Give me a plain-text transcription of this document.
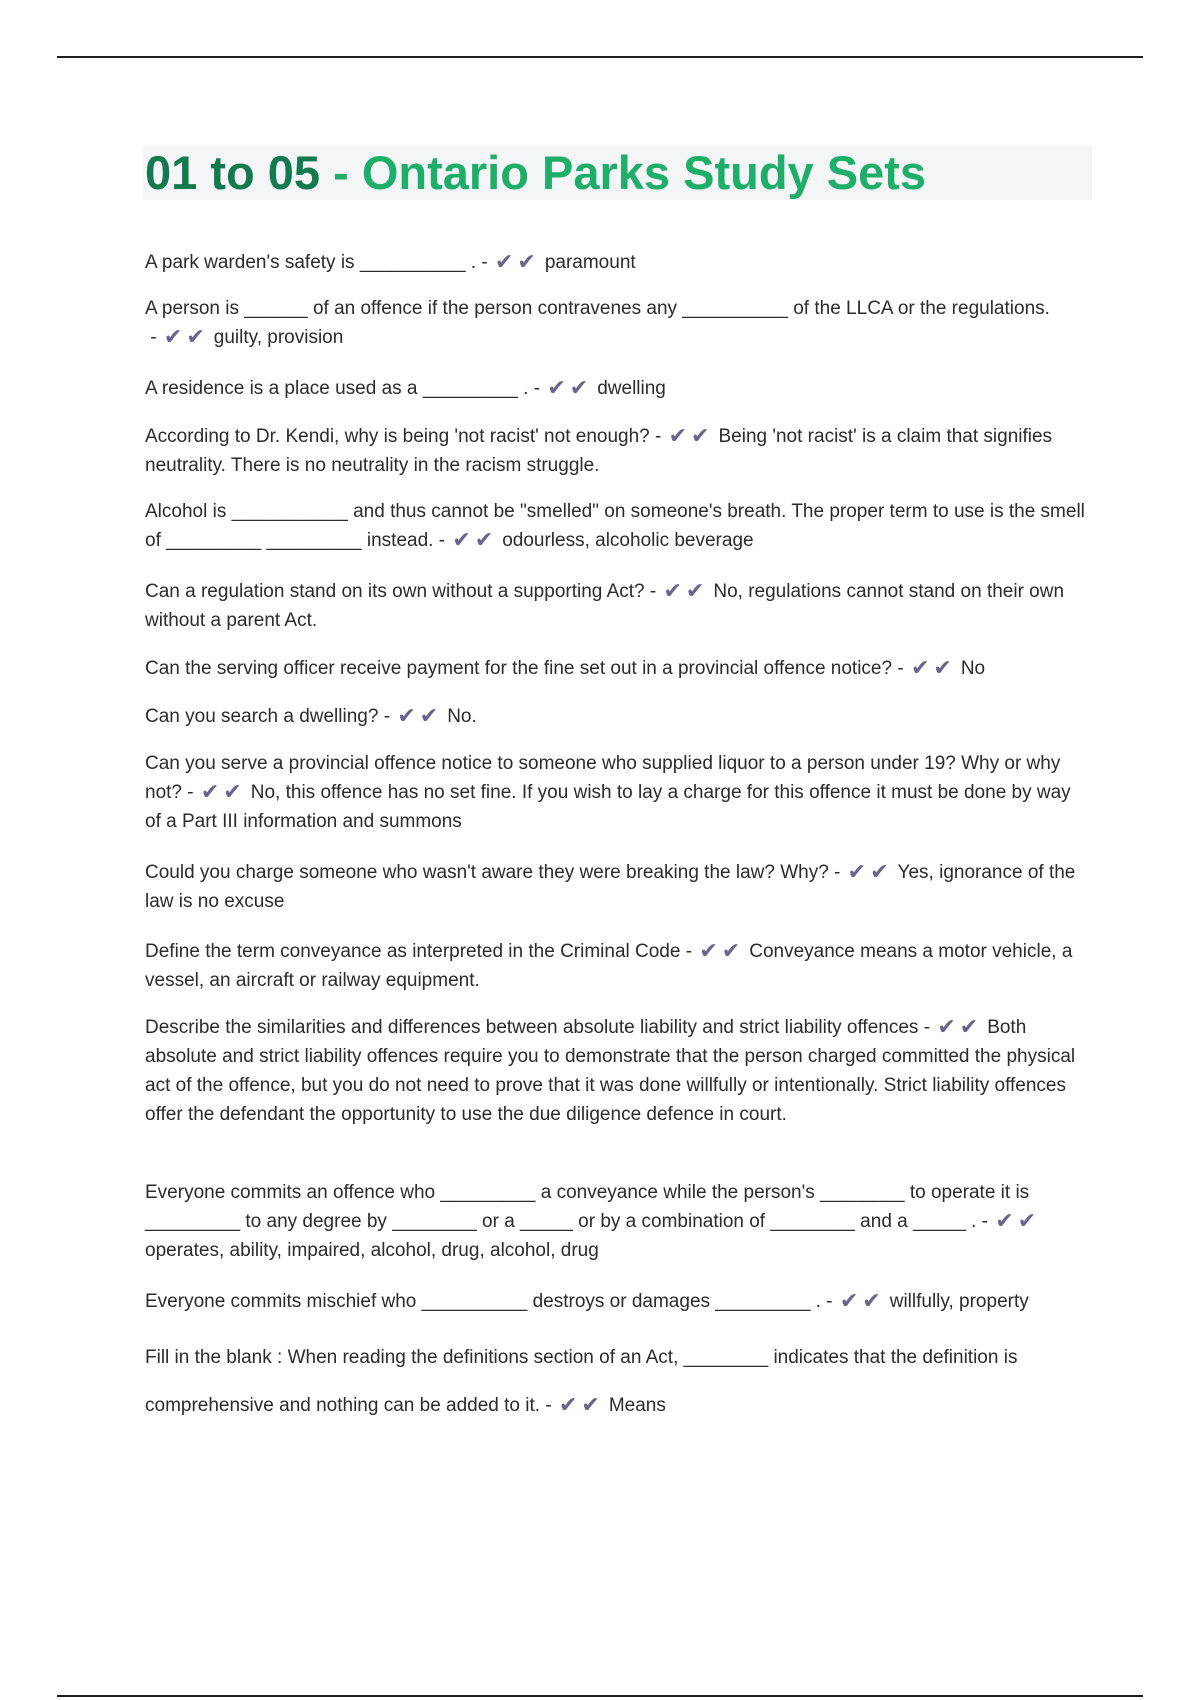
01 to 05 - Ontario Parks Study Sets

A park warden's safety is __________ . - ✔✔ paramount

A person is ______ of an offence if the person contravenes any __________ of the LLCA or the regulations. - ✔✔ guilty, provision

A residence is a place used as a _________ . - ✔✔ dwelling

According to Dr. Kendi, why is being 'not racist' not enough? - ✔✔ Being 'not racist' is a claim that signifies neutrality. There is no neutrality in the racism struggle.

Alcohol is ___________ and thus cannot be "smelled" on someone's breath. The proper term to use is the smell of _________ _________ instead. - ✔✔ odourless, alcoholic beverage

Can a regulation stand on its own without a supporting Act? - ✔✔ No, regulations cannot stand on their own without a parent Act.

Can the serving officer receive payment for the fine set out in a provincial offence notice? - ✔✔ No

Can you search a dwelling? - ✔✔ No.

Can you serve a provincial offence notice to someone who supplied liquor to a person under 19? Why or why not? - ✔✔ No, this offence has no set fine. If you wish to lay a charge for this offence it must be done by way of a Part III information and summons

Could you charge someone who wasn't aware they were breaking the law? Why? - ✔✔ Yes, ignorance of the law is no excuse

Define the term conveyance as interpreted in the Criminal Code - ✔✔ Conveyance means a motor vehicle, a vessel, an aircraft or railway equipment.

Describe the similarities and differences between absolute liability and strict liability offences - ✔✔ Both absolute and strict liability offences require you to demonstrate that the person charged committed the physical act of the offence, but you do not need to prove that it was done willfully or intentionally. Strict liability offences offer the defendant the opportunity to use the due diligence defence in court.

Everyone commits an offence who _________ a conveyance while the person's ________ to operate it is _________ to any degree by ________ or a _____ or by a combination of ________ and a _____ . - ✔✔operates, ability, impaired, alcohol, drug, alcohol, drug

Everyone commits mischief who __________ destroys or damages _________ . - ✔✔ willfully, property

Fill in the blank : When reading the definitions section of an Act, ________ indicates that the definition is comprehensive and nothing can be added to it. - ✔✔ Means
